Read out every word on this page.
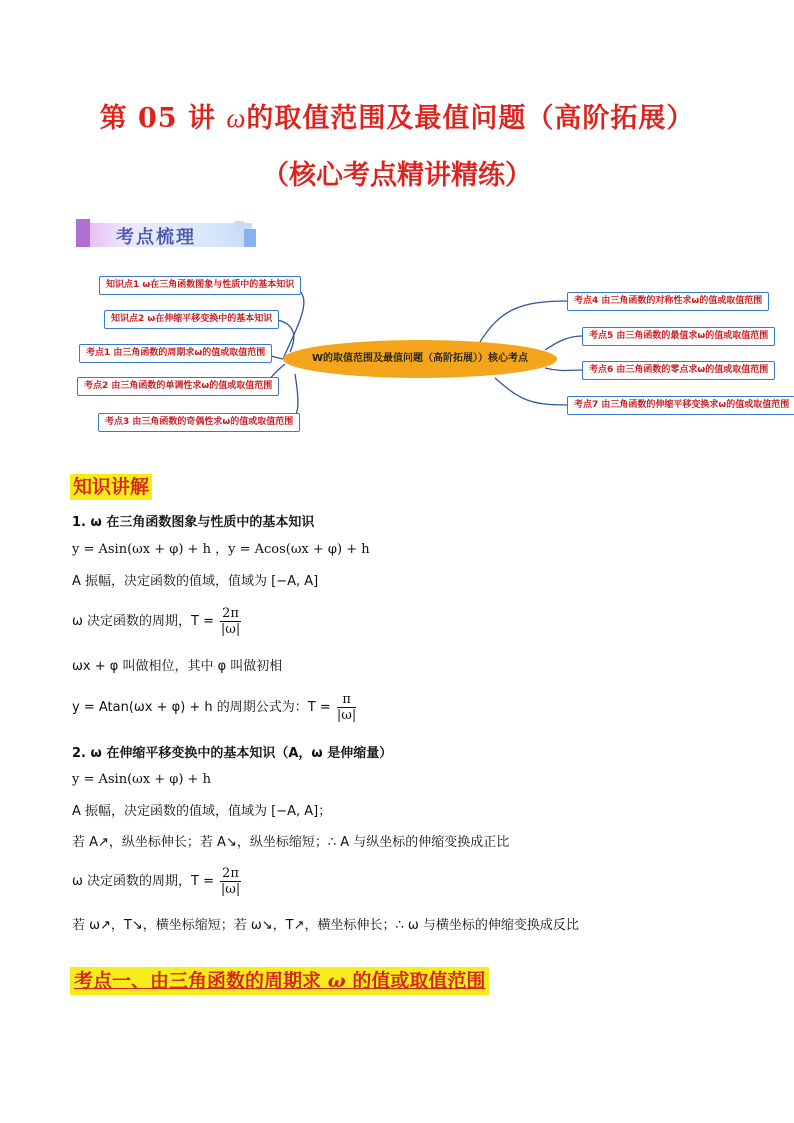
第 05 讲 ω的取值范围及最值问题（高阶拓展）
（核心考点精讲精练）
考点梳理
知识点1 ω在三角函数图象与性质中的基本知识
知识点2 ω在伸缩平移变换中的基本知识
考点1 由三角函数的周期求ω的值或取值范围
考点2 由三角函数的单调性求ω的值或取值范围
考点3 由三角函数的奇偶性求ω的值或取值范围
W的取值范围及最值问题（高阶拓展））核心考点
考点4 由三角函数的对称性求ω的值或取值范围
考点5 由三角函数的最值求ω的值或取值范围
考点6 由三角函数的零点求ω的值或取值范围
考点7 由三角函数的伸缩平移变换求ω的值或取值范围
知识讲解
1. ω 在三角函数图象与性质中的基本知识
y = Asin(ωx + φ) + h ，y = Acos(ωx + φ) + h
A 振幅，决定函数的值域，值域为 [−A, A]
ω 决定函数的周期，$T = \frac{2\pi}{|\omega|}$
ωx + φ 叫做相位，其中 φ 叫做初相
y = Atan(ωx + φ) + h 的周期公式为：$T = \frac{\pi}{|\omega|}$
2. ω 在伸缩平移变换中的基本知识（A，ω 是伸缩量）
y = Asin(ωx + φ) + h
A 振幅，决定函数的值域，值域为 [−A, A]；
若 A↗，纵坐标伸长；若 A↘，纵坐标缩短；∴ A 与纵坐标的伸缩变换成正比
ω 决定函数的周期，$T = \frac{2\pi}{|\omega|}$
若 ω↗，T↘，横坐标缩短；若 ω↘，T↗，横坐标伸长；∴ ω 与横坐标的伸缩变换成反比
考点一、由三角函数的周期求 ω 的值或取值范围
